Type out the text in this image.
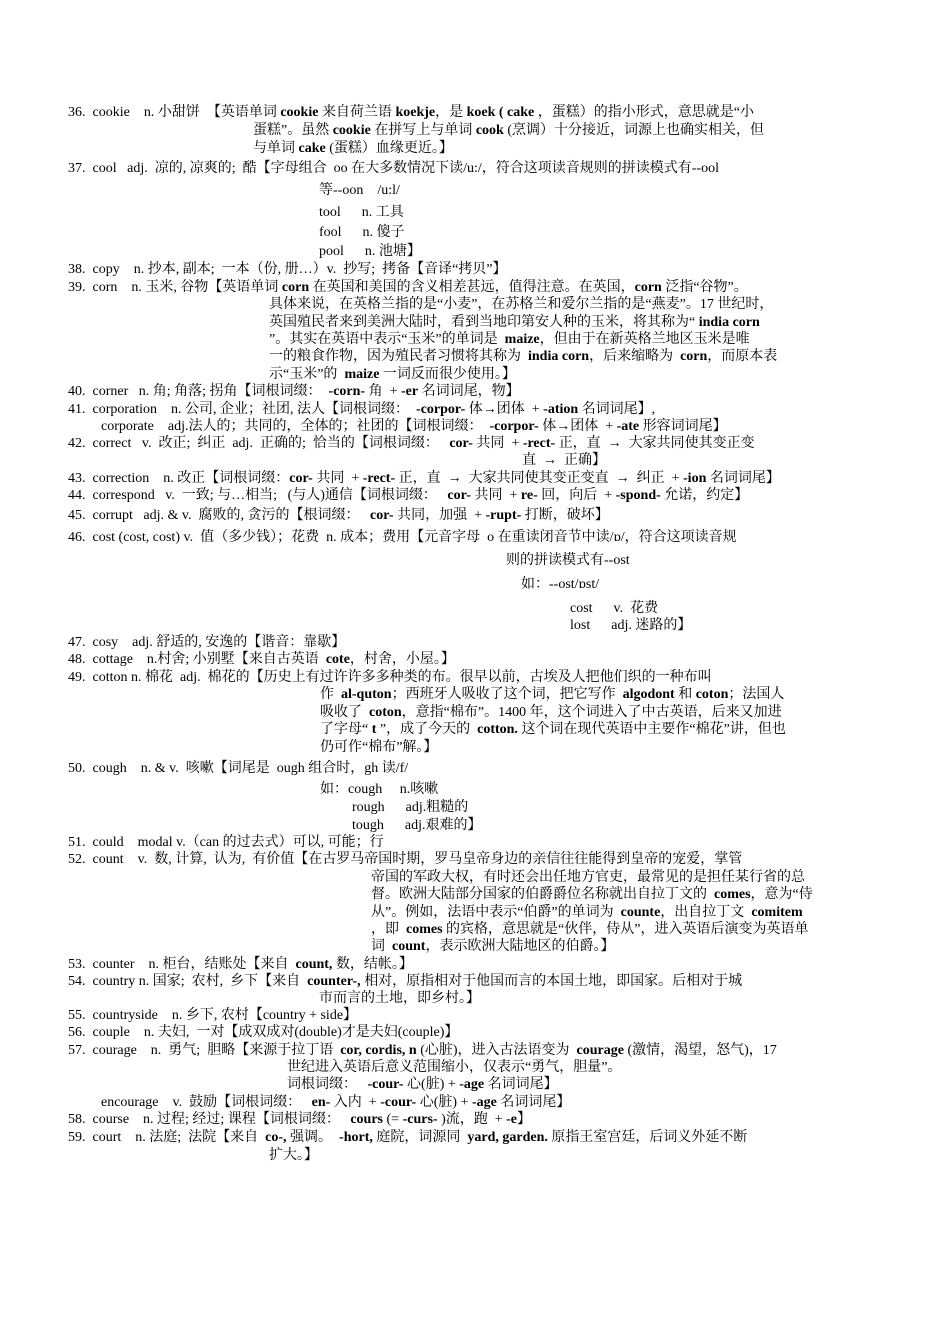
36.  cookie    n. 小甜饼  【英语单词 cookie 来自荷兰语 koekje，是 koek ( cake ，蛋糕）的指小形式，意思就是“小
蛋糕”。虽然 cookie 在拼写上与单词 cook (烹调）十分接近，词源上也确实相关，但
与单词 cake (蛋糕）血缘更近。】
37.  cool   adj.  凉的, 凉爽的;  酷【字母组合  oo 在大多数情况下读/u:/，符合这项读音规则的拼读模式有--ool
等--oon    /u:l/
tool      n. 工具
fool      n. 傻子
pool      n. 池塘】
38.  copy    n. 抄本, 副本;  一本（份, 册…）v.  抄写;  拷备【音译“拷贝”】
39.  corn    n. 玉米, 谷物【英语单词 corn 在英国和美国的含义相差甚远，值得注意。在英国，corn 泛指“谷物”。
具体来说，在英格兰指的是“小麦”，在苏格兰和爱尔兰指的是“燕麦”。17 世纪时，
英国殖民者来到美洲大陆时，看到当地印第安人种的玉米，将其称为“ india corn
”。其实在英语中表示“玉米”的单词是  maize，但由于在新英格兰地区玉米是唯
一的粮食作物，因为殖民者习惯将其称为  india corn，后来缩略为  corn，而原本表
示“玉米”的  maize 一词反而很少使用。】
40.  corner   n. 角; 角落; 拐角【词根词缀：  -corn- 角  + -er 名词词尾，物】
41.  corporation    n. 公司, 企业；社团, 法人【词根词缀：  -corpor- 体→团体  + -ation 名词词尾】,
corporate    adj.法人的；共同的，全体的；社团的【词根词缀：  -corpor- 体→团体  + -ate 形容词词尾】
42.  correct   v.  改正;  纠正  adj.  正确的;  恰当的【词根词缀：   cor- 共同  + -rect- 正，直  →  大家共同使其变正变
直  →  正确】
43.  correction    n. 改正【词根词缀：cor- 共同  + -rect- 正，直  →  大家共同使其变正变直  →  纠正  + -ion 名词词尾】
44.  correspond   v.  一致; 与…相当;   (与人)通信【词根词缀：   cor- 共同  + re- 回，向后  + -spond- 允诺，约定】
45.  corrupt   adj. & v.  腐败的, 贪污的【根词缀：   cor- 共同，加强  + -rupt- 打断，破坏】
46.  cost (cost, cost) v.  值（多少钱）；花费  n. 成本；费用【元音字母  o 在重读闭音节中读/ɒ/，符合这项读音规
则的拼读模式有--ost
如：--ost/ɒst/
cost      v.  花费
lost      adj. 迷路的】
47.  cosy    adj. 舒适的, 安逸的【谐音：靠歇】
48.  cottage    n.村舍; 小别墅【来自古英语  cote，村舍，小屋。】
49.  cotton n. 棉花  adj.  棉花的【历史上有过许许多多种类的布。很早以前，古埃及人把他们织的一种布叫
作  al-quton；西班牙人吸收了这个词，把它写作  algodont 和 coton；法国人
吸收了  coton，意指“棉布”。1400 年，这个词进入了中古英语，后来又加进
了字母“ t ”，成了今天的  cotton. 这个词在现代英语中主要作“棉花”讲，但也
仍可作“棉布”解。】
50.  cough    n. & v.  咳嗽【词尾是  ough 组合时，gh 读/f/
如：cough     n.咳嗽
rough      adj.粗糙的
tough      adj.艰难的】
51.  could    modal v.（can 的过去式）可以, 可能；行
52.  count    v.  数, 计算,  认为,  有价值【在古罗马帝国时期，罗马皇帝身边的亲信往往能得到皇帝的宠爱，掌管
帝国的军政大权，有时还会出任地方官吏，最常见的是担任某行省的总
督。欧洲大陆部分国家的伯爵爵位名称就出自拉丁文的  comes，意为“侍
从”。例如，法语中表示“伯爵”的单词为  counte，出自拉丁文  comitem
，即  comes 的宾格，意思就是“伙伴，侍从”，进入英语后演变为英语单
词  count，表示欧洲大陆地区的伯爵。】
53.  counter    n. 柜台，结账处【来自  count, 数，结帐。】
54.  country n. 国家;  农村,  乡下【来自  counter-, 相对，原指相对于他国而言的本国土地，即国家。后相对于城
市而言的土地，即乡村。】
55.  countryside    n. 乡下, 农村【country + side】
56.  couple    n. 夫妇,  一对【成双成对(double)才是夫妇(couple)】
57.  courage    n.  勇气;  胆略【来源于拉丁语  cor, cordis, n (心脏)，进入古法语变为  courage (激情，渴望，怒气)，17
世纪进入英语后意义范围缩小，仅表示“勇气，胆量”。
词根词缀：   -cour- 心(脏) + -age 名词词尾】
encourage    v.  鼓励【词根词缀：   en- 入内  + -cour- 心(脏) + -age 名词词尾】
58.  course    n. 过程; 经过; 课程【词根词缀：   cours (= -curs- )流，跑  + -e】
59.  court    n. 法庭;  法院【来自  co-, 强调。  -hort, 庭院，词源同  yard, garden. 原指王室宫廷，后词义外延不断
扩大。】
